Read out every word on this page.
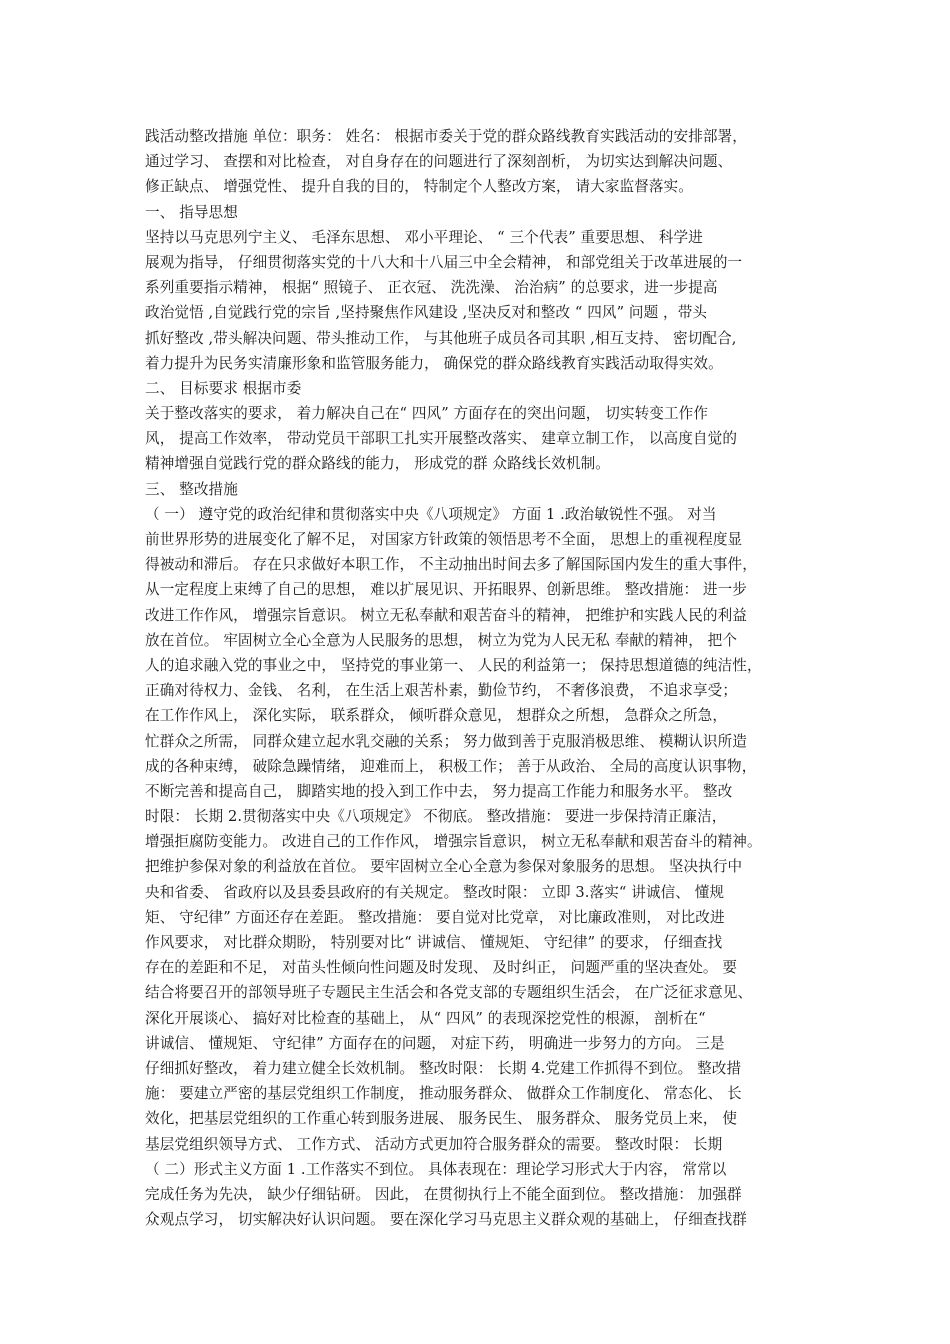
践活动整改措施 单位：职务： 姓名： 根据市委关于党的群众路线教育实践活动的安排部署，
通过学习、 查摆和对比检查， 对自身存在的问题进行了深刻剖析， 为切实达到解决问题、
修正缺点、 增强党性、 提升自我的目的， 特制定个人整改方案， 请大家监督落实。
一、 指导思想
坚持以马克思列宁主义、 毛泽东思想、 邓小平理论、 “ 三个代表” 重要思想、 科学进
展观为指导， 仔细贯彻落实党的十八大和十八届三中全会精神， 和部党组关于改革进展的一
系列重要指示精神， 根据“ 照镜子、 正衣冠、 洗洗澡、 治治病” 的总要求，进一步提高
政治觉悟 ,自觉践行党的宗旨 ,坚持聚焦作风建设 ,坚决反对和整改 “ 四风” 问题 ，带头
抓好整改 ,带头解决问题、带头推动工作， 与其他班子成员各司其职 ,相互支持、 密切配合,
着力提升为民务实清廉形象和监管服务能力， 确保党的群众路线教育实践活动取得实效。
二、 目标要求 根据市委
关于整改落实的要求， 着力解决自己在“ 四风” 方面存在的突出问题， 切实转变工作作
风， 提高工作效率， 带动党员干部职工扎实开展整改落实、 建章立制工作， 以高度自觉的
精神增强自觉践行党的群众路线的能力， 形成党的群 众路线长效机制。
三、 整改措施
（ 一） 遵守党的政治纪律和贯彻落实中央《八项规定》 方面 1 .政治敏锐性不强。 对当
前世界形势的进展变化了解不足， 对国家方针政策的领悟思考不全面， 思想上的重视程度显
得被动和滞后。 存在只求做好本职工作， 不主动抽出时间去多了解国际国内发生的重大事件，
从一定程度上束缚了自己的思想， 难以扩展见识、开拓眼界、创新思维。 整改措施： 进一步
改进工作作风， 增强宗旨意识。 树立无私奉献和艰苦奋斗的精神， 把维护和实践人民的利益
放在首位。 牢固树立全心全意为人民服务的思想， 树立为党为人民无私 奉献的精神， 把个
人的追求融入党的事业之中， 坚持党的事业第一、 人民的利益第一； 保持思想道德的纯洁性，
正确对待权力、金钱、 名利， 在生活上艰苦朴素，勤俭节约， 不奢侈浪费， 不追求享受；
在工作作风上， 深化实际， 联系群众， 倾听群众意见， 想群众之所想， 急群众之所急，
忙群众之所需， 同群众建立起水乳交融的关系； 努力做到善于克服消极思维、 模糊认识所造
成的各种束缚， 破除急躁情绪， 迎难而上， 积极工作； 善于从政治、 全局的高度认识事物，
不断完善和提高自己， 脚踏实地的投入到工作中去， 努力提高工作能力和服务水平。 整改
时限： 长期 2.贯彻落实中央《八项规定》 不彻底。 整改措施： 要进一步保持清正廉洁，
增强拒腐防变能力。 改进自己的工作作风， 增强宗旨意识， 树立无私奉献和艰苦奋斗的精神。
把维护参保对象的利益放在首位。 要牢固树立全心全意为参保对象服务的思想。 坚决执行中
央和省委、 省政府以及县委县政府的有关规定。 整改时限： 立即 3.落实“ 讲诚信、 懂规
矩、 守纪律” 方面还存在差距。 整改措施： 要自觉对比党章， 对比廉政准则， 对比改进
作风要求， 对比群众期盼， 特别要对比“ 讲诚信、 懂规矩、 守纪律” 的要求， 仔细查找
存在的差距和不足， 对苗头性倾向性问题及时发现、 及时纠正， 问题严重的坚决查处。 要
结合将要召开的部领导班子专题民主生活会和各党支部的专题组织生活会， 在广泛征求意见、
深化开展谈心、 搞好对比检查的基础上， 从“ 四风” 的表现深挖党性的根源， 剖析在“
讲诚信、 懂规矩、 守纪律” 方面存在的问题， 对症下药， 明确进一步努力的方向。 三是
仔细抓好整改， 着力建立健全长效机制。 整改时限： 长期 4.党建工作抓得不到位。 整改措
施： 要建立严密的基层党组织工作制度， 推动服务群众、 做群众工作制度化、 常态化、 长
效化，把基层党组织的工作重心转到服务进展、 服务民生、 服务群众、 服务党员上来， 使
基层党组织领导方式、 工作方式、 活动方式更加符合服务群众的需要。 整改时限： 长期
（ 二）形式主义方面 1 .工作落实不到位。 具体表现在：理论学习形式大于内容， 常常以
完成任务为先决， 缺少仔细钻研。 因此， 在贯彻执行上不能全面到位。 整改措施： 加强群
众观点学习， 切实解决好认识问题。 要在深化学习马克思主义群众观的基础上， 仔细查找群
